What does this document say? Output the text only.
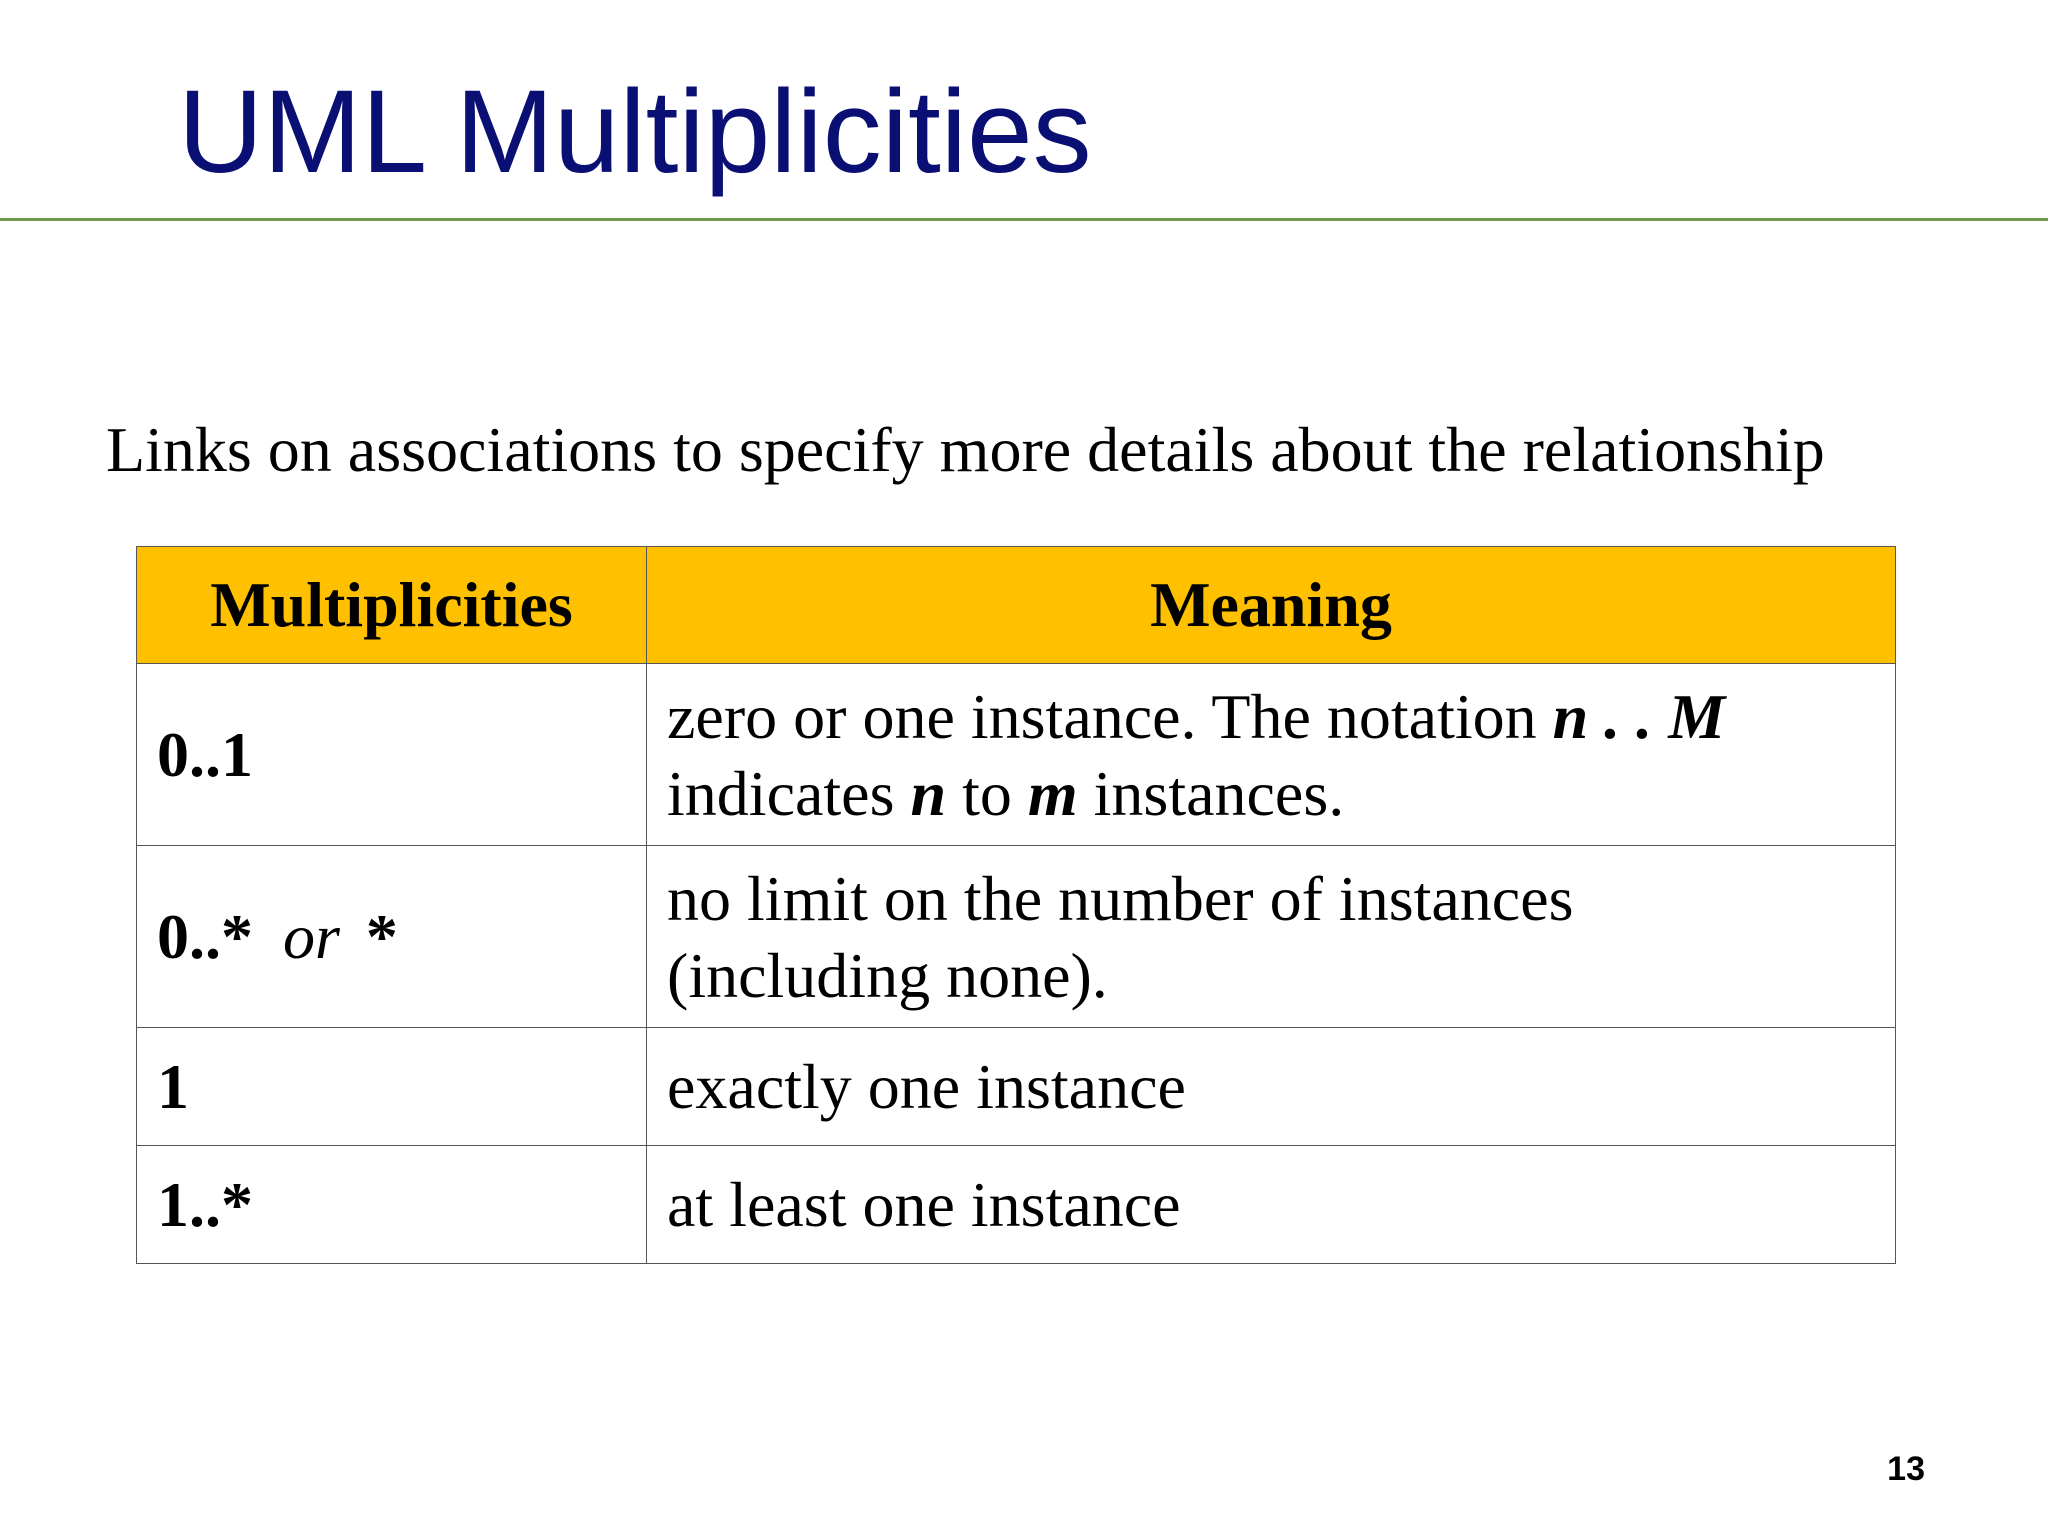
UML Multiplicities

Links on associations to specify more details about the relationship

Multiplicities	Meaning
0..1	zero or one instance. The notation n . . M
indicates n to m instances.
0..* or *	no limit on the number of instances
(including none).
1	exactly one instance
1..*	at least one instance
13
